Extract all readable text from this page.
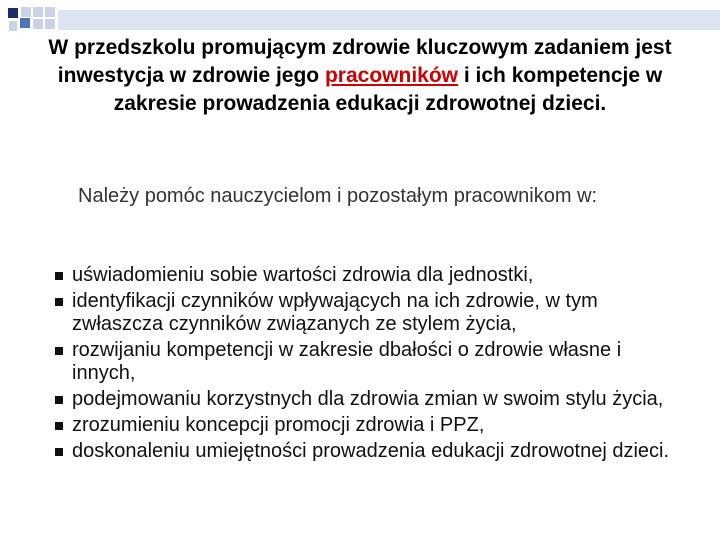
W przedszkolu promującym zdrowie kluczowym zadaniem jest inwestycja w zdrowie jego pracowników i ich kompetencje w zakresie prowadzenia edukacji zdrowotnej dzieci.
Należy pomóc nauczycielom i pozostałym pracownikom w:
uświadomieniu sobie wartości zdrowia dla jednostki,
identyfikacji czynników wpływających na ich zdrowie, w tym zwłaszcza czynników związanych ze stylem życia,
rozwijaniu kompetencji w zakresie dbałości o zdrowie własne i innych,
podejmowaniu korzystnych dla zdrowia zmian w swoim stylu życia,
zrozumieniu koncepcji promocji zdrowia i PPZ,
doskonaleniu umiejętności prowadzenia edukacji zdrowotnej dzieci.
